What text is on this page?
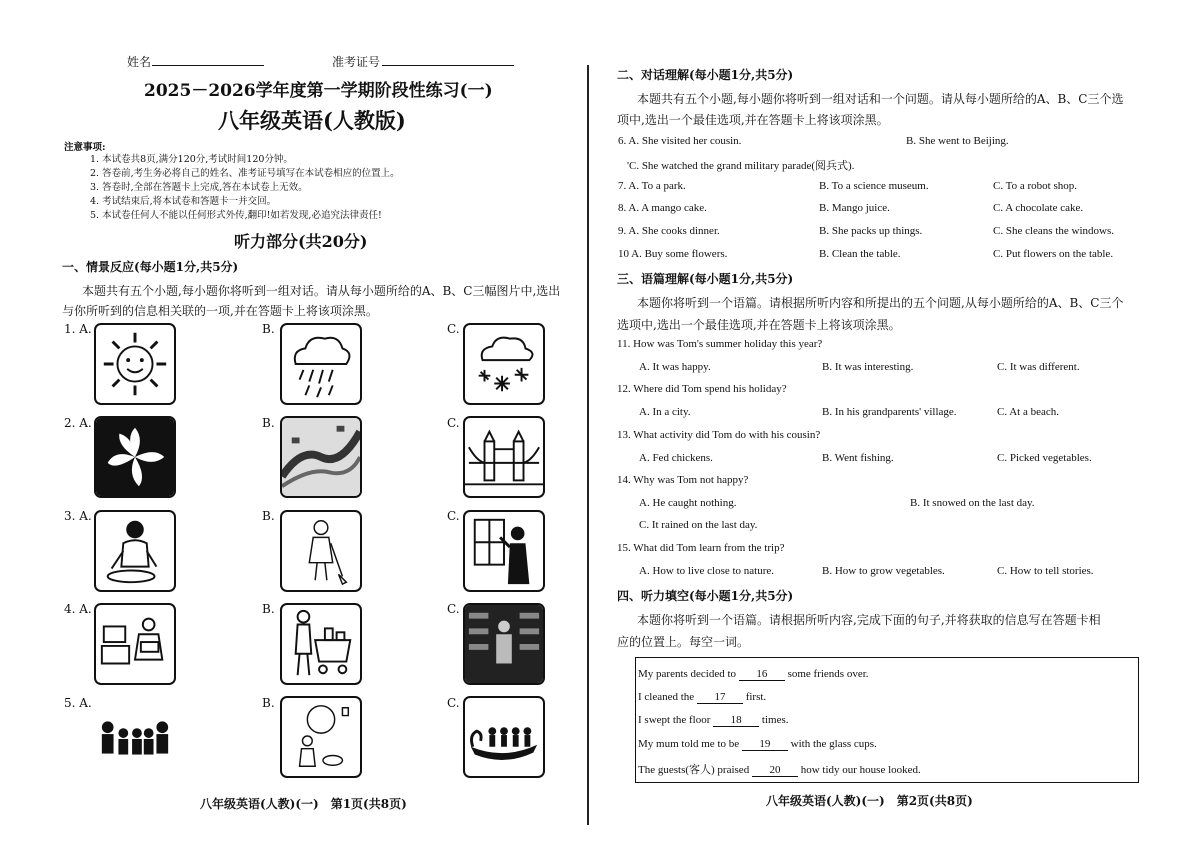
姓名	准考证号
2025－2026学年度第一学期阶段性练习(一)
八年级英语(人教版)
注意事项:
1. 本试卷共8页,满分120分,考试时间120分钟。
2. 答卷前,考生务必将自己的姓名、准考证号填写在本试卷相应的位置上。
3. 答卷时,全部在答题卡上完成,答在本试卷上无效。
4. 考试结束后,将本试卷和答题卡一并交回。
5. 本试卷任何人不能以任何形式外传,翻印!如若发现,必追究法律责任!
听力部分(共20分)
一、情景反应(每小题1分,共5分)
本题共有五个小题,每小题你将听到一组对话。请从每小题所给的A、B、C三幅图片中,选出
与你所听到的信息相关联的一项,并在答题卡上将该项涂黑。
1. A.	B.	C.
2. A.	B.	C.
3. A.	B.	C.
4. A.	B.	C.
5. A.	B.	C.
八年级英语(人教)(一)　第1页(共8页)
二、对话理解(每小题1分,共5分)
本题共有五个小题,每小题你将听到一组对话和一个问题。请从每小题所给的A、B、C三个选
项中,选出一个最佳选项,并在答题卡上将该项涂黑。
6. A. She visited her cousin.	B. She went to Beijing.
'C. She watched the grand military parade(阅兵式).
7. A. To a park.	B. To a science museum.	C. To a robot shop.
8. A. A mango cake.	B. Mango juice.	C. A chocolate cake.
9. A. She cooks dinner.	B. She packs up things.	C. She cleans the windows.
10 A. Buy some flowers.	B. Clean the table.	C. Put flowers on the table.
三、语篇理解(每小题1分,共5分)
本题你将听到一个语篇。请根据所听内容和所提出的五个问题,从每小题所给的A、B、C三个
选项中,选出一个最佳选项,并在答题卡上将该项涂黑。
11. How was Tom's summer holiday this year?
A. It was happy.	B. It was interesting.	C. It was different.
12. Where did Tom spend his holiday?
A. In a city.	B. In his grandparents' village.	C. At a beach.
13. What activity did Tom do with his cousin?
A. Fed chickens.	B. Went fishing.	C. Picked vegetables.
14. Why was Tom not happy?
A. He caught nothing.	B. It snowed on the last day.
C. It rained on the last day.
15. What did Tom learn from the trip?
A. How to live close to nature.	B. How to grow vegetables.	C. How to tell stories.
四、听力填空(每小题1分,共5分)
本题你将听到一个语篇。请根据所听内容,完成下面的句子,并将获取的信息写在答题卡相
应的位置上。每空一词。
My parents decided to 16 some friends over.
I cleaned the 17 first.
I swept the floor 18 times.
My mum told me to be 19 with the glass cups.
The guests(客人) praised 20 how tidy our house looked.
八年级英语(人教)(一)　第2页(共8页)
